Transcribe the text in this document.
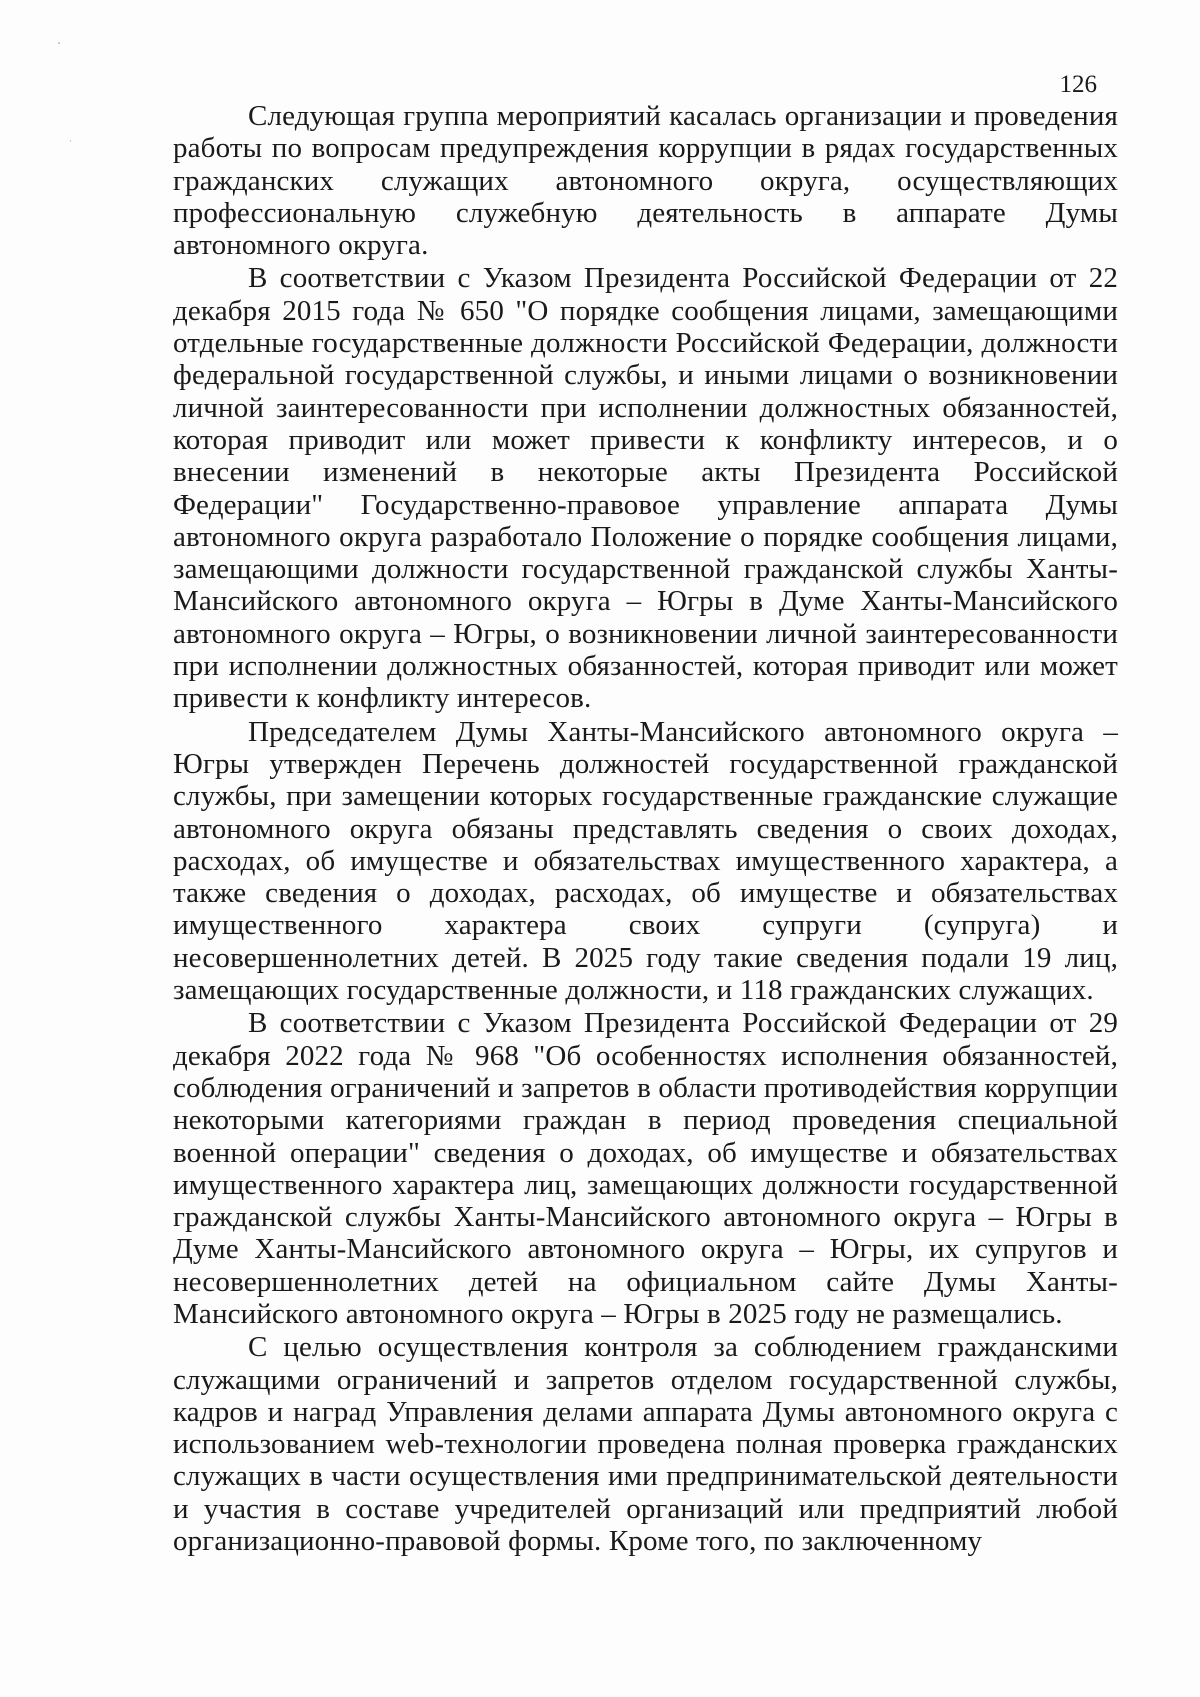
126

Следующая группа мероприятий касалась организации и проведения работы по вопросам предупреждения коррупции в рядах государственных гражданских служащих автономного округа, осуществляющих профессиональную служебную деятельность в аппарате Думы автономного округа.

В соответствии с Указом Президента Российской Федерации от 22 декабря 2015 года № 650 "О порядке сообщения лицами, замещающими отдельные государственные должности Российской Федерации, должности федеральной государственной службы, и иными лицами о возникновении личной заинтересованности при исполнении должностных обязанностей, которая приводит или может привести к конфликту интересов, и о внесении изменений в некоторые акты Президента Российской Федерации" Государственно-правовое управление аппарата Думы автономного округа разработало Положение о порядке сообщения лицами, замещающими должности государственной гражданской службы Ханты-Мансийского автономного округа – Югры в Думе Ханты-Мансийского автономного округа – Югры, о возникновении личной заинтересованности при исполнении должностных обязанностей, которая приводит или может привести к конфликту интересов.

Председателем Думы Ханты-Мансийского автономного округа – Югры утвержден Перечень должностей государственной гражданской службы, при замещении которых государственные гражданские служащие автономного округа обязаны представлять сведения о своих доходах, расходах, об имуществе и обязательствах имущественного характера, а также сведения о доходах, расходах, об имуществе и обязательствах имущественного характера своих супруги (супруга) и несовершеннолетних детей. В 2025 году такие сведения подали 19 лиц, замещающих государственные должности, и 118 гражданских служащих.

В соответствии с Указом Президента Российской Федерации от 29 декабря 2022 года № 968 "Об особенностях исполнения обязанностей, соблюдения ограничений и запретов в области противодействия коррупции некоторыми категориями граждан в период проведения специальной военной операции" сведения о доходах, об имуществе и обязательствах имущественного характера лиц, замещающих должности государственной гражданской службы Ханты-Мансийского автономного округа – Югры в Думе Ханты-Мансийского автономного округа – Югры, их супругов и несовершеннолетних детей на официальном сайте Думы Ханты-Мансийского автономного округа – Югры в 2025 году не размещались.

С целью осуществления контроля за соблюдением гражданскими служащими ограничений и запретов отделом государственной службы, кадров и наград Управления делами аппарата Думы автономного округа с использованием web-технологии проведена полная проверка гражданских служащих в части осуществления ими предпринимательской деятельности и участия в составе учредителей организаций или предприятий любой организационно-правовой формы. Кроме того, по заключенному
